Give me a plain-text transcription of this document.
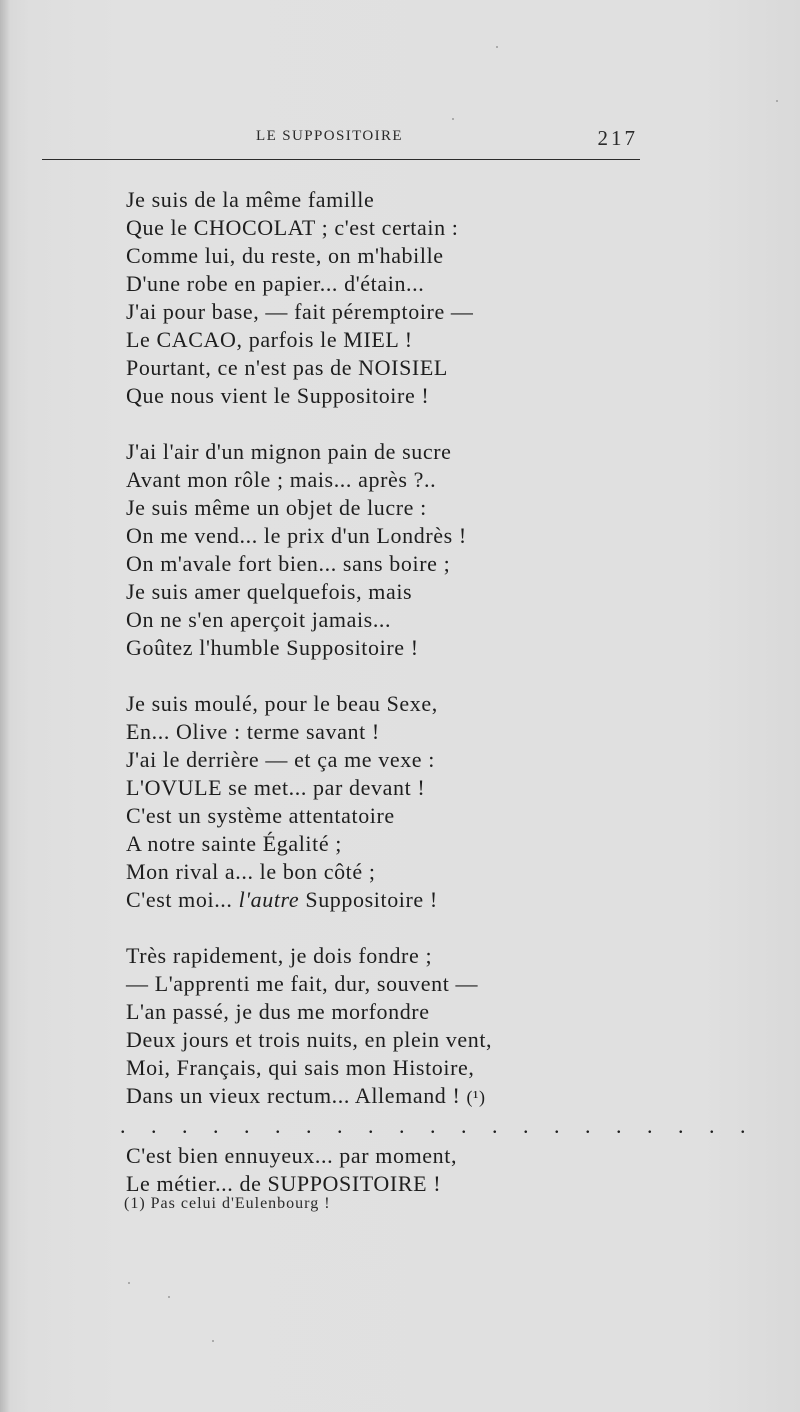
LE SUPPOSITOIRE	217
Je suis de la même famille
Que le CHOCOLAT ; c'est certain :
Comme lui, du reste, on m'habille
D'une robe en papier... d'étain...
J'ai pour base, — fait péremptoire —
Le CACAO, parfois le MIEL !
Pourtant, ce n'est pas de NOISIEL
Que nous vient le Suppositoire !
J'ai l'air d'un mignon pain de sucre
Avant mon rôle ; mais... après ?..
Je suis même un objet de lucre :
On me vend... le prix d'un Londrès !
On m'avale fort bien... sans boire ;
Je suis amer quelquefois, mais
On ne s'en aperçoit jamais...
Goûtez l'humble Suppositoire !
Je suis moulé, pour le beau Sexe,
En... Olive : terme savant !
J'ai le derrière — et ça me vexe :
L'OVULE se met... par devant !
C'est un système attentatoire
A notre sainte Égalité ;
Mon rival a... le bon côté ;
C'est moi... l'autre Suppositoire !
Très rapidement, je dois fondre ;
— L'apprenti me fait, dur, souvent —
L'an passé, je dus me morfondre
Deux jours et trois nuits, en plein vent,
Moi, Français, qui sais mon Histoire,
Dans un vieux rectum... Allemand ! (¹)
. . . . . . . . . . . . . . . . . . . . .
C'est bien ennuyeux... par moment,
Le métier... de SUPPOSITOIRE !
(1) Pas celui d'Eulenbourg !
